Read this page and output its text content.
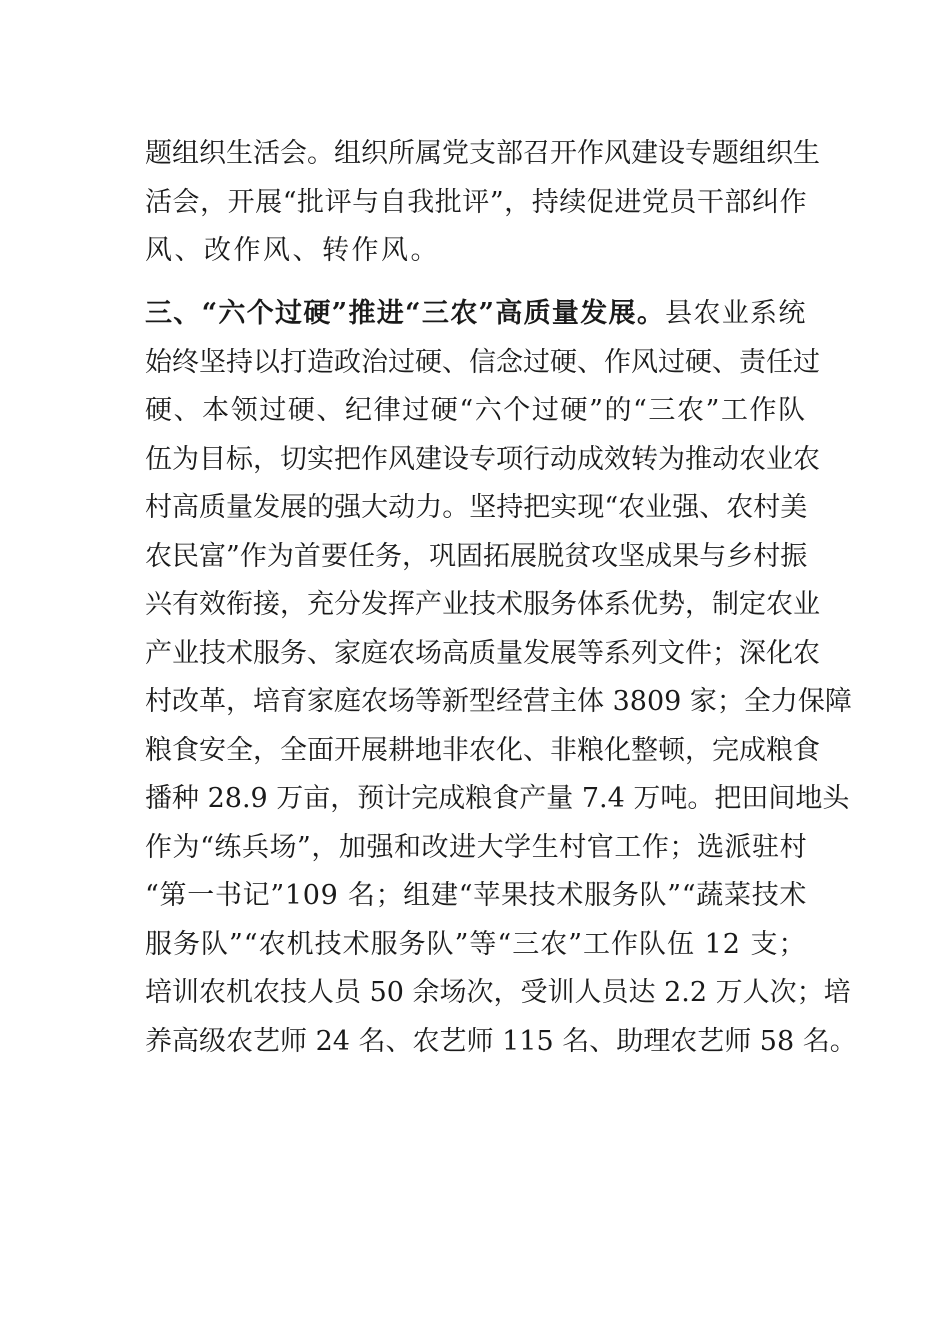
题组织生活会。组织所属党支部召开作风建设专题组织生
活会，开展“批评与自我批评”，持续促进党员干部纠作
风、改作风、转作风。
三、“六个过硬”推进“三农”高质量发展。县农业系统
始终坚持以打造政治过硬、信念过硬、作风过硬、责任过
硬、本领过硬、纪律过硬“六个过硬”的“三农”工作队
伍为目标，切实把作风建设专项行动成效转为推动农业农
村高质量发展的强大动力。坚持把实现“农业强、农村美
农民富”作为首要任务，巩固拓展脱贫攻坚成果与乡村振
兴有效衔接，充分发挥产业技术服务体系优势，制定农业
产业技术服务、家庭农场高质量发展等系列文件；深化农
村改革，培育家庭农场等新型经营主体 3809 家；全力保障
粮食安全，全面开展耕地非农化、非粮化整顿，完成粮食
播种 28.9 万亩，预计完成粮食产量 7.4 万吨。把田间地头
作为“练兵场”，加强和改进大学生村官工作；选派驻村
“第一书记”109 名；组建“苹果技术服务队”“蔬菜技术
服务队”“农机技术服务队”等“三农”工作队伍 12 支；
培训农机农技人员 50 余场次，受训人员达 2.2 万人次；培
养高级农艺师 24 名、农艺师 115 名、助理农艺师 58 名。
